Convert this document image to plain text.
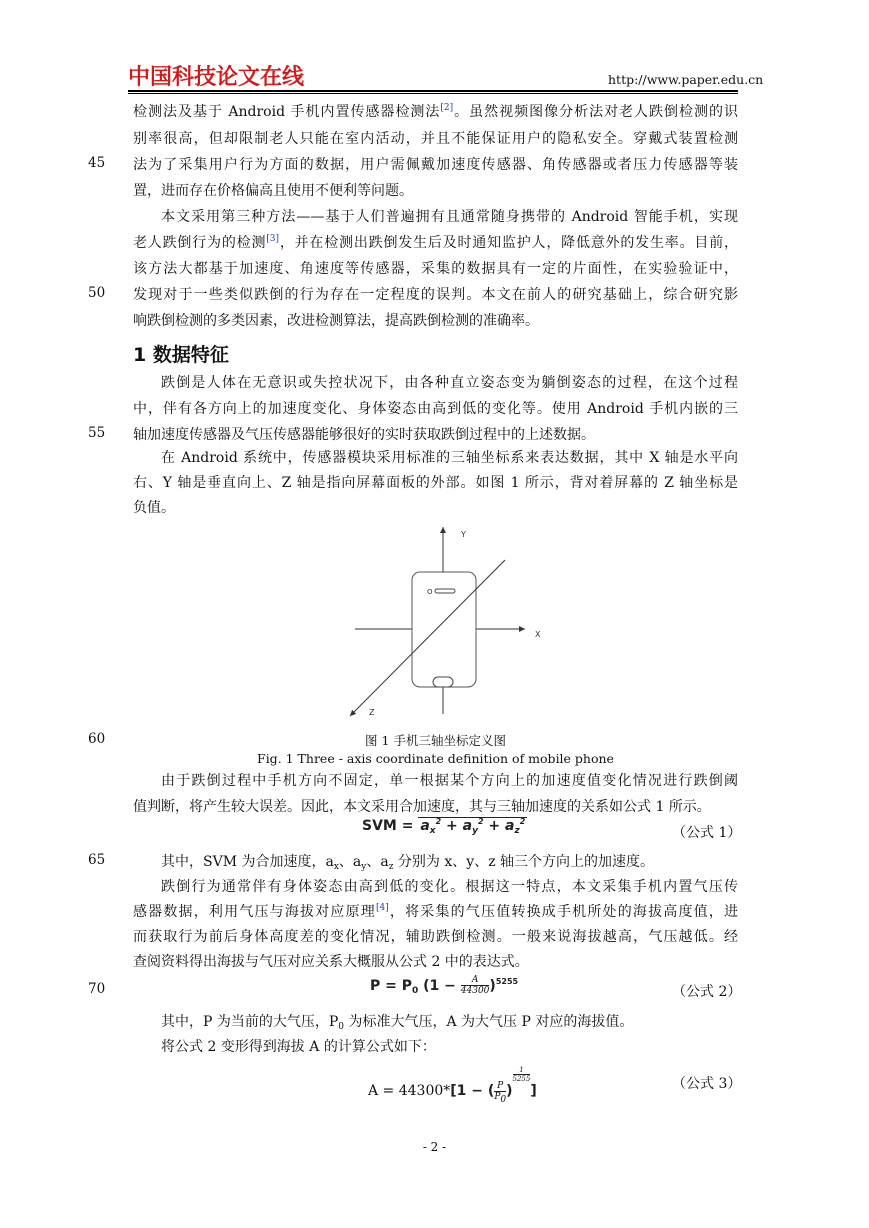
中国科技论文在线	http://www.paper.edu.cn
检测法及基于 Android 手机内置传感器检测法[2]。虽然视频图像分析法对老人跌倒检测的识
别率很高，但却限制老人只能在室内活动，并且不能保证用户的隐私安全。穿戴式装置检测
法为了采集用户行为方面的数据，用户需佩戴加速度传感器、角传感器或者压力传感器等装
置，进而存在价格偏高且使用不便利等问题。
本文采用第三种方法——基于人们普遍拥有且通常随身携带的 Android 智能手机，实现
老人跌倒行为的检测[3]，并在检测出跌倒发生后及时通知监护人，降低意外的发生率。目前，
该方法大都基于加速度、角速度等传感器，采集的数据具有一定的片面性，在实验验证中，
发现对于一些类似跌倒的行为存在一定程度的误判。本文在前人的研究基础上，综合研究影
响跌倒检测的多类因素，改进检测算法，提高跌倒检测的准确率。
1 数据特征
跌倒是人体在无意识或失控状况下，由各种直立姿态变为躺倒姿态的过程，在这个过程
中，伴有各方向上的加速度变化、身体姿态由高到低的变化等。使用 Android 手机内嵌的三
轴加速度传感器及气压传感器能够很好的实时获取跌倒过程中的上述数据。
在 Android 系统中，传感器模块采用标准的三轴坐标系来表达数据，其中 X 轴是水平向
右、Y 轴是垂直向上、Z 轴是指向屏幕面板的外部。如图 1 所示，背对着屏幕的 Z 轴坐标是
负值。
Y
X
Z
O
图 1 手机三轴坐标定义图
Fig. 1 Three - axis coordinate definition of mobile phone
由于跌倒过程中手机方向不固定，单一根据某个方向上的加速度值变化情况进行跌倒阈
值判断，将产生较大误差。因此，本文采用合加速度，其与三轴加速度的关系如公式 1 所示。
SVM = $a_x^2 + a_y^2 + a_z^2$
（公式 1）
其中，SVM 为合加速度，$a_x$、$a_y$、$a_z$ 分别为 x、y、z 轴三个方向上的加速度。
跌倒行为通常伴有身体姿态由高到低的变化。根据这一特点，本文采集手机内置气压传
感器数据，利用气压与海拔对应原理[4]，将采集的气压值转换成手机所处的海拔高度值，进
而获取行为前后身体高度差的变化情况，辅助跌倒检测。一般来说海拔越高，气压越低。经
查阅资料得出海拔与气压对应关系大概服从公式 2 中的表达式。
$P = P_0$ $(1 - \frac{A}{44300} )^{5255}$
（公式 2）
其中，P 为当前的大气压，$P_0$ 为标准大气压，A 为大气压 P 对应的海拔值。
将公式 2 变形得到海拔 A 的计算公式如下：
A = 44300*[1 − ( $\frac{P}{P_0}$ )
$\frac{1}{5255}$
]	（公式 3）
45
50
55
60
65
70
- 2 -
